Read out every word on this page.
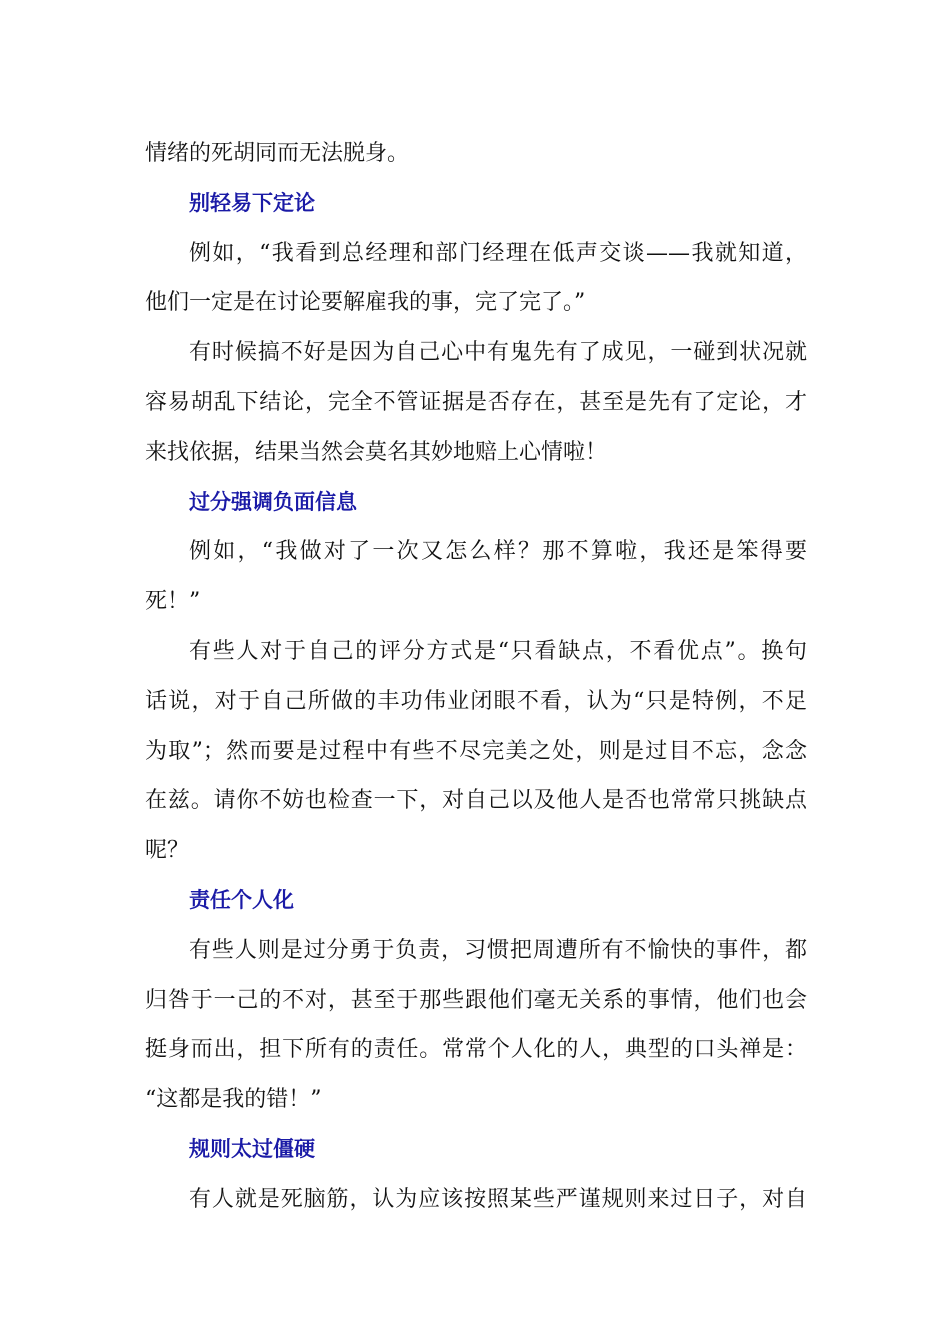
情绪的死胡同而无法脱身。
别轻易下定论
例如，“我看到总经理和部门经理在低声交谈——我就知道，
他们一定是在讨论要解雇我的事，完了完了。”
有时候搞不好是因为自己心中有鬼先有了成见，一碰到状况就
容易胡乱下结论，完全不管证据是否存在，甚至是先有了定论，才
来找依据，结果当然会莫名其妙地赔上心情啦！
过分强调负面信息
例如，“我做对了一次又怎么样？那不算啦，我还是笨得要
死！”
有些人对于自己的评分方式是“只看缺点，不看优点”。换句
话说，对于自己所做的丰功伟业闭眼不看，认为“只是特例，不足
为取”；然而要是过程中有些不尽完美之处，则是过目不忘，念念
在兹。请你不妨也检查一下，对自己以及他人是否也常常只挑缺点
呢？
责任个人化
有些人则是过分勇于负责，习惯把周遭所有不愉快的事件，都
归咎于一己的不对，甚至于那些跟他们毫无关系的事情，他们也会
挺身而出，担下所有的责任。常常个人化的人，典型的口头禅是：
“这都是我的错！”
规则太过僵硬
有人就是死脑筋，认为应该按照某些严谨规则来过日子，对自
